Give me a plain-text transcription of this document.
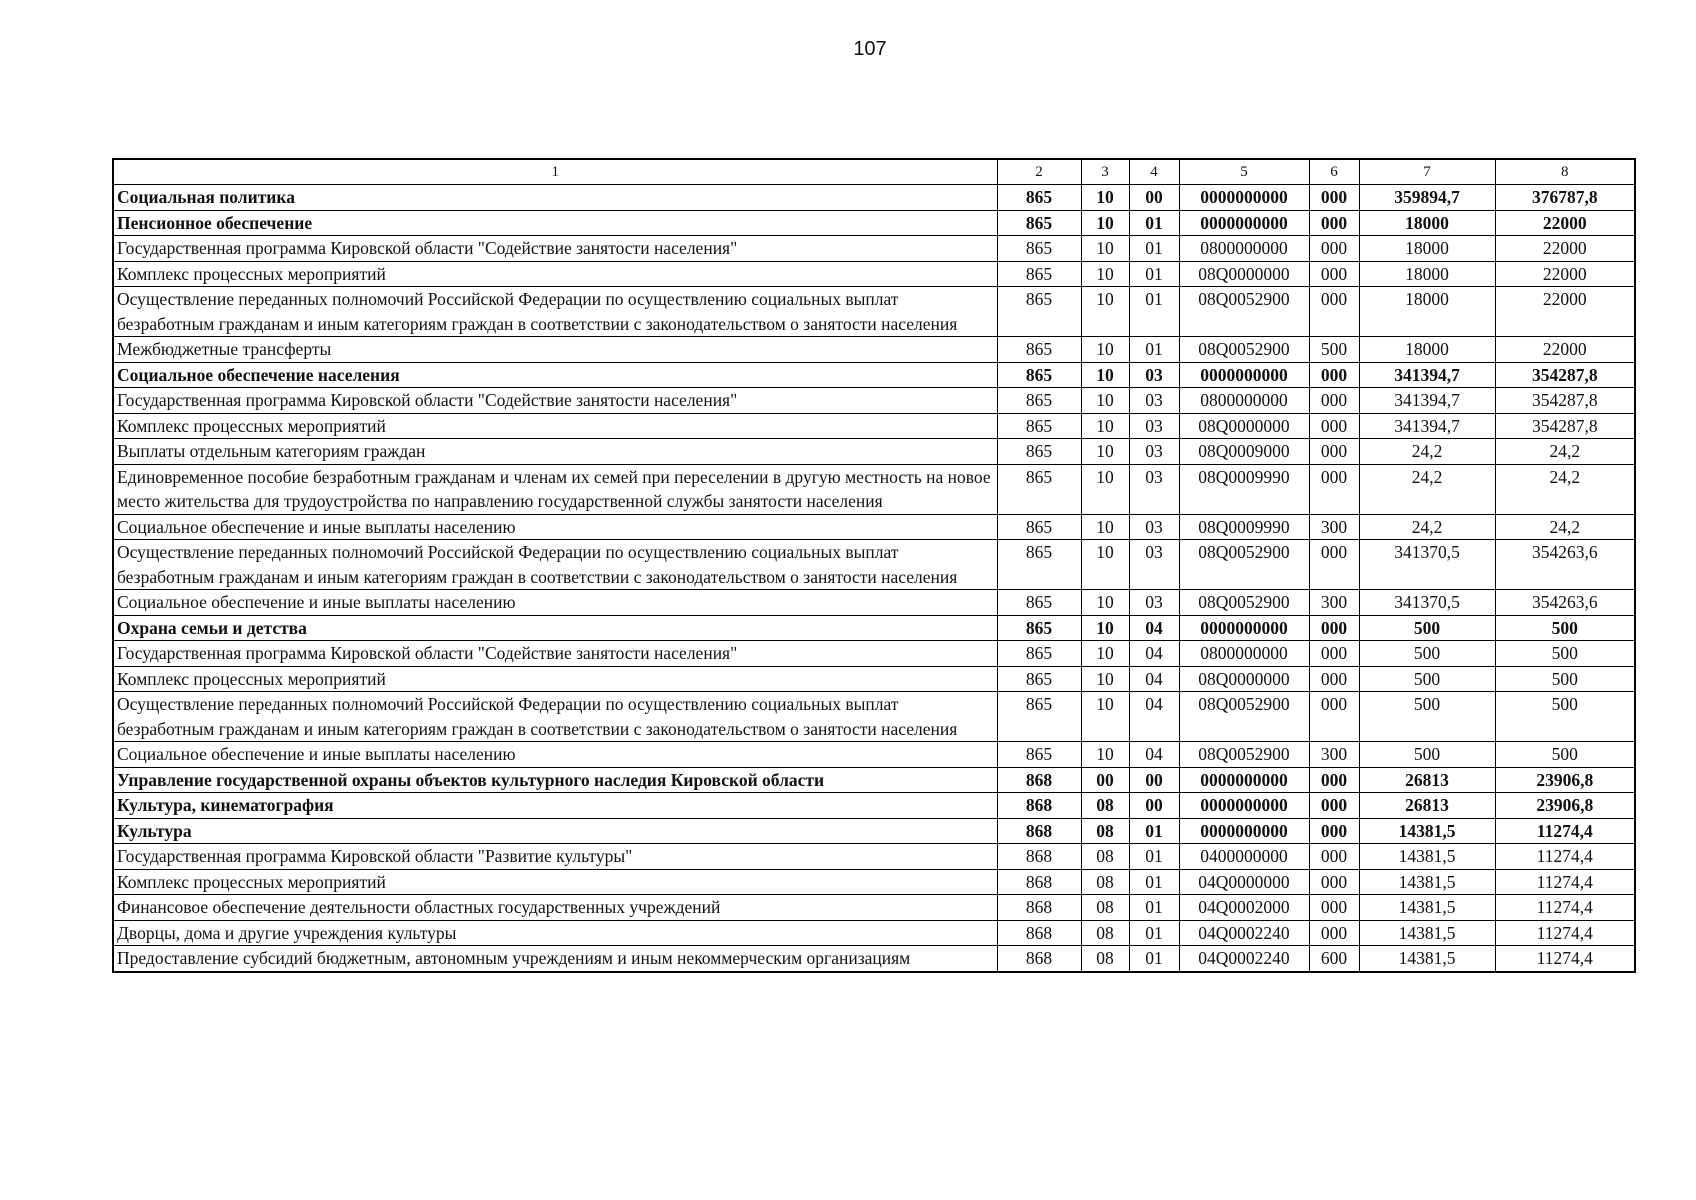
107
1	2	3	4	5	6	7	8
Социальная политика	865	10	00	0000000000	000	359894,7	376787,8
Пенсионное обеспечение	865	10	01	0000000000	000	18000	22000
Государственная программа Кировской области "Содействие занятости населения"	865	10	01	0800000000	000	18000	22000
Комплекс процессных мероприятий	865	10	01	08Q0000000	000	18000	22000
Осуществление переданных полномочий Российской Федерации по осуществлению социальных выплат безработным гражданам и иным категориям граждан в соответствии с законодательством о занятости населения	865	10	01	08Q0052900	000	18000	22000
Межбюджетные трансферты	865	10	01	08Q0052900	500	18000	22000
Социальное обеспечение населения	865	10	03	0000000000	000	341394,7	354287,8
Государственная программа Кировской области "Содействие занятости населения"	865	10	03	0800000000	000	341394,7	354287,8
Комплекс процессных мероприятий	865	10	03	08Q0000000	000	341394,7	354287,8
Выплаты отдельным категориям граждан	865	10	03	08Q0009000	000	24,2	24,2
Единовременное пособие безработным гражданам и членам их семей при переселении в другую местность на новое место жительства для трудоустройства по направлению государственной службы занятости населения	865	10	03	08Q0009990	000	24,2	24,2
Социальное обеспечение и иные выплаты населению	865	10	03	08Q0009990	300	24,2	24,2
Осуществление переданных полномочий Российской Федерации по осуществлению социальных выплат безработным гражданам и иным категориям граждан в соответствии с законодательством о занятости населения	865	10	03	08Q0052900	000	341370,5	354263,6
Социальное обеспечение и иные выплаты населению	865	10	03	08Q0052900	300	341370,5	354263,6
Охрана семьи и детства	865	10	04	0000000000	000	500	500
Государственная программа Кировской области "Содействие занятости населения"	865	10	04	0800000000	000	500	500
Комплекс процессных мероприятий	865	10	04	08Q0000000	000	500	500
Осуществление переданных полномочий Российской Федерации по осуществлению социальных выплат безработным гражданам и иным категориям граждан в соответствии с законодательством о занятости населения	865	10	04	08Q0052900	000	500	500
Социальное обеспечение и иные выплаты населению	865	10	04	08Q0052900	300	500	500
Управление государственной охраны объектов культурного наследия Кировской области	868	00	00	0000000000	000	26813	23906,8
Культура, кинематография	868	08	00	0000000000	000	26813	23906,8
Культура	868	08	01	0000000000	000	14381,5	11274,4
Государственная программа Кировской области "Развитие культуры"	868	08	01	0400000000	000	14381,5	11274,4
Комплекс процессных мероприятий	868	08	01	04Q0000000	000	14381,5	11274,4
Финансовое обеспечение деятельности областных государственных учреждений	868	08	01	04Q0002000	000	14381,5	11274,4
Дворцы, дома и другие учреждения культуры	868	08	01	04Q0002240	000	14381,5	11274,4
Предоставление субсидий бюджетным, автономным учреждениям и иным некоммерческим организациям	868	08	01	04Q0002240	600	14381,5	11274,4
